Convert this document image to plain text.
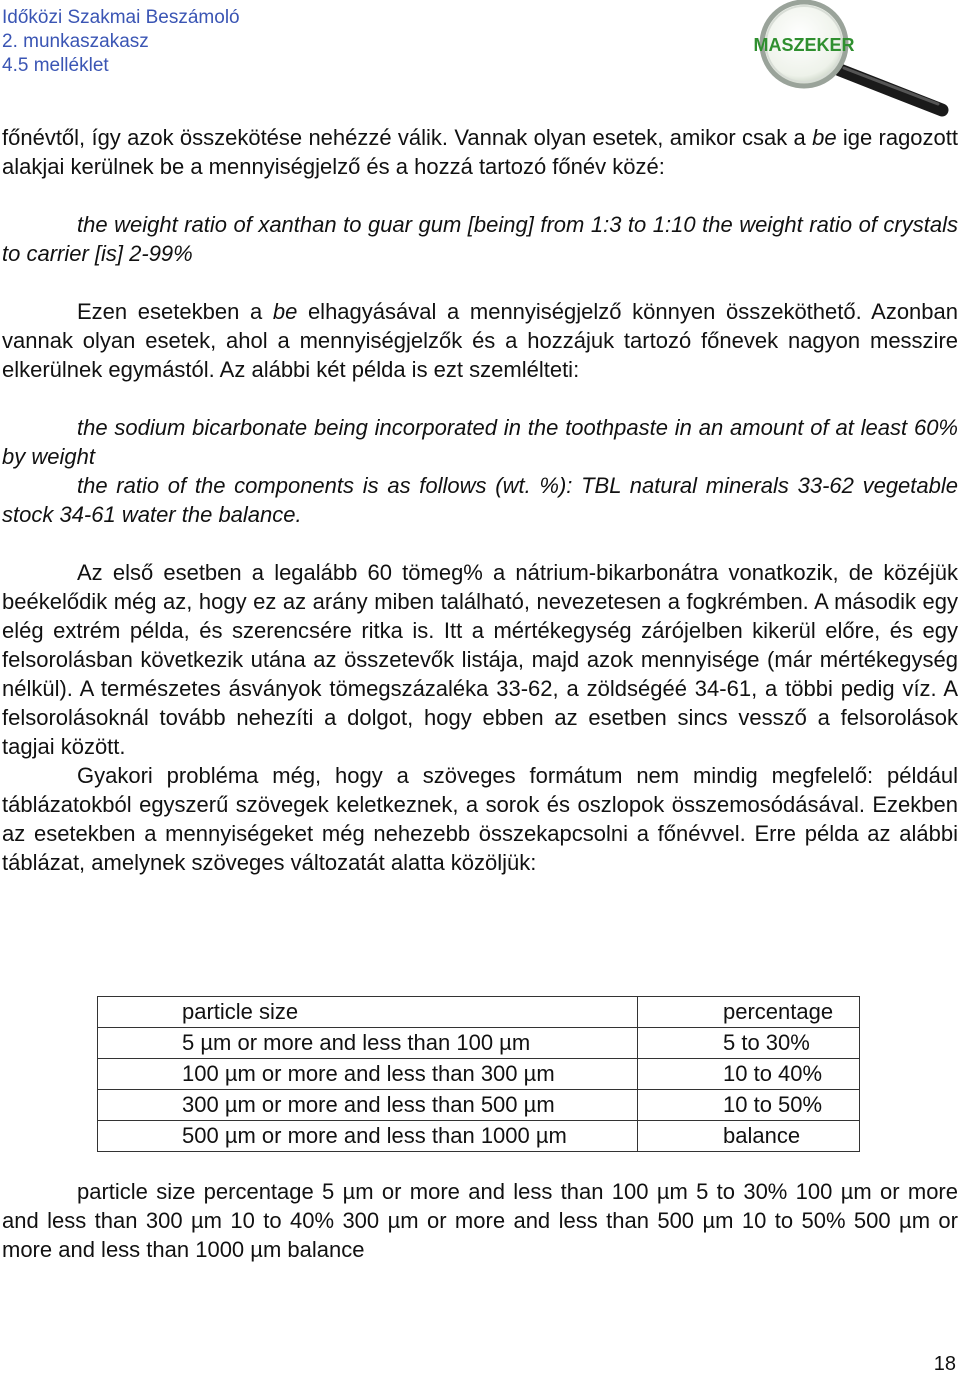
Időközi Szakmai Beszámoló
2. munkaszakasz
4.5 melléklet
MASZEKER

főnévtől, így azok összekötése nehézzé válik. Vannak olyan esetek, amikor csak a be ige ragozott alakjai kerülnek be a mennyiségjelző és a hozzá tartozó főnév közé:

the weight ratio of xanthan to guar gum [being] from 1:3 to 1:10 the weight ratio of crystals to carrier [is] 2-99%

Ezen esetekben a be elhagyásával a mennyiségjelző könnyen összeköthető. Azonban vannak olyan esetek, ahol a mennyiségjelzők és a hozzájuk tartozó főnevek nagyon messzire elkerülnek egymástól. Az alábbi két példa is ezt szemlélteti:

the sodium bicarbonate being incorporated in the toothpaste in an amount of at least 60% by weight

the ratio of the components is as follows (wt. %): TBL natural minerals 33-62 vegetable stock 34-61 water the balance.

Az első esetben a legalább 60 tömeg% a nátrium-bikarbonátra vonatkozik, de közéjük beékelődik még az, hogy ez az arány miben található, nevezetesen a fogkrémben. A második egy elég extrém példa, és szerencsére ritka is. Itt a mértékegység zárójelben kikerül előre, és egy felsorolásban következik utána az összetevők listája, majd azok mennyisége (már mértékegység nélkül). A természetes ásványok tömegszázaléka 33-62, a zöldségéé 34-61, a többi pedig víz. A felsorolásoknál tovább nehezíti a dolgot, hogy ebben az esetben sincs vessző a felsorolások tagjai között.

Gyakori probléma még, hogy a szöveges formátum nem mindig megfelelő: például táblázatokból egyszerű szövegek keletkeznek, a sorok és oszlopok összemosódásával. Ezekben az esetekben a mennyiségeket még nehezebb összekapcsolni a főnévvel. Erre példa az alábbi táblázat, amelynek szöveges változatát alatta közöljük:

particle size	percentage
5 µm or more and less than 100 µm	5 to 30%
100 µm or more and less than 300 µm	10 to 40%
300 µm or more and less than 500 µm	10 to 50%
500 µm or more and less than 1000 µm	balance

particle size percentage 5 µm or more and less than 100 µm 5 to 30% 100 µm or more and less than 300 µm 10 to 40% 300 µm or more and less than 500 µm 10 to 50% 500 µm or more and less than 1000 µm balance

18
